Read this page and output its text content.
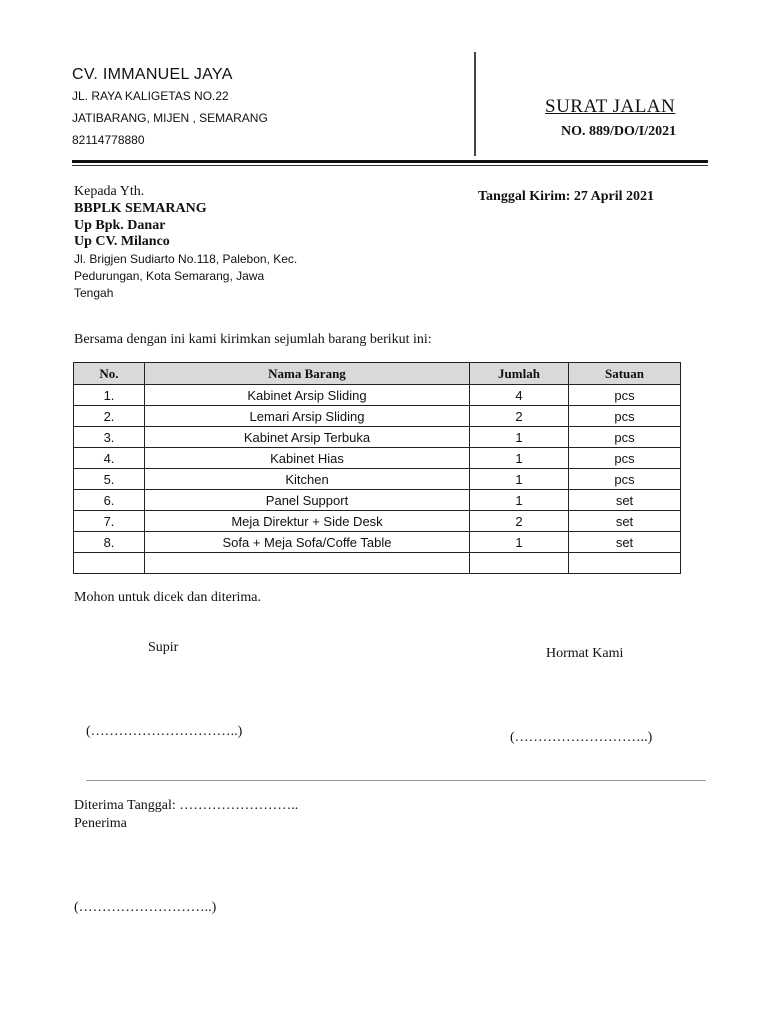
CV. IMMANUEL JAYA
JL. RAYA KALIGETAS NO.22
JATIBARANG, MIJEN , SEMARANG
82114778880
SURAT JALAN
NO. 889/DO/I/2021
Kepada Yth.
BBPLK SEMARANG
Up Bpk. Danar
Up CV. Milanco
Jl. Brigjen Sudiarto No.118, Palebon, Kec.
Pedurungan, Kota Semarang, Jawa
Tengah
Tanggal Kirim: 27 April 2021
Bersama dengan ini kami kirimkan sejumlah barang berikut ini:
No.	Nama Barang	Jumlah	Satuan
1.	Kabinet Arsip Sliding	4	pcs
2.	Lemari Arsip Sliding	2	pcs
3.	Kabinet Arsip Terbuka	1	pcs
4.	Kabinet Hias	1	pcs
5.	Kitchen	1	pcs
6.	Panel Support	1	set
7.	Meja Direktur + Side Desk	2	set
8.	Sofa + Meja Sofa/Coffe Table	1	set

Mohon untuk dicek dan diterima.
Supir	Hormat Kami
(…………………………..)	(………………………..)
Diterima Tanggal: ……………………..
Penerima
(………………………..)
